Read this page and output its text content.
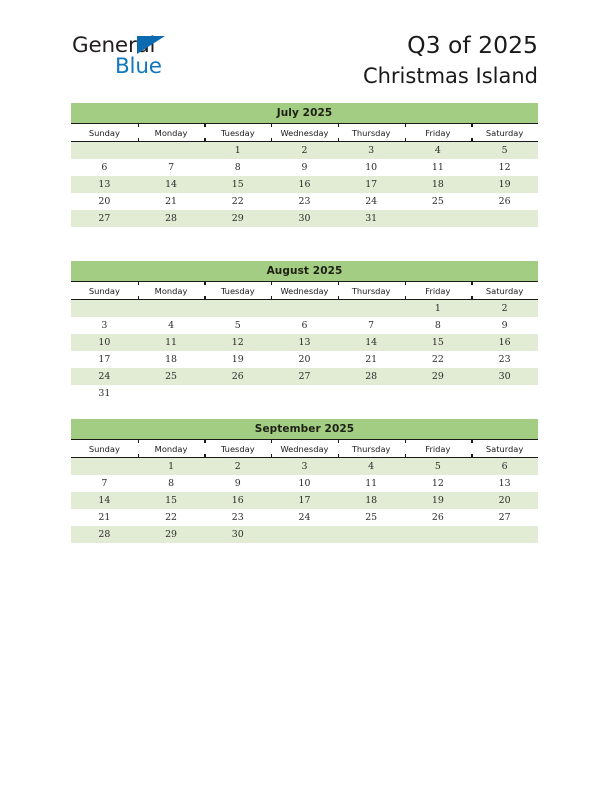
General
Blue
Q3 of 2025
Christmas Island
July 2025
Sunday	Monday	Tuesday	Wednesday	Thursday	Friday	Saturday
		1	2	3	4	5
6	7	8	9	10	11	12
13	14	15	16	17	18	19
20	21	22	23	24	25	26
27	28	29	30	31		

August 2025
Sunday	Monday	Tuesday	Wednesday	Thursday	Friday	Saturday
					1	2
3	4	5	6	7	8	9
10	11	12	13	14	15	16
17	18	19	20	21	22	23
24	25	26	27	28	29	30
31						
September 2025
Sunday	Monday	Tuesday	Wednesday	Thursday	Friday	Saturday
	1	2	3	4	5	6
7	8	9	10	11	12	13
14	15	16	17	18	19	20
21	22	23	24	25	26	27
28	29	30				
